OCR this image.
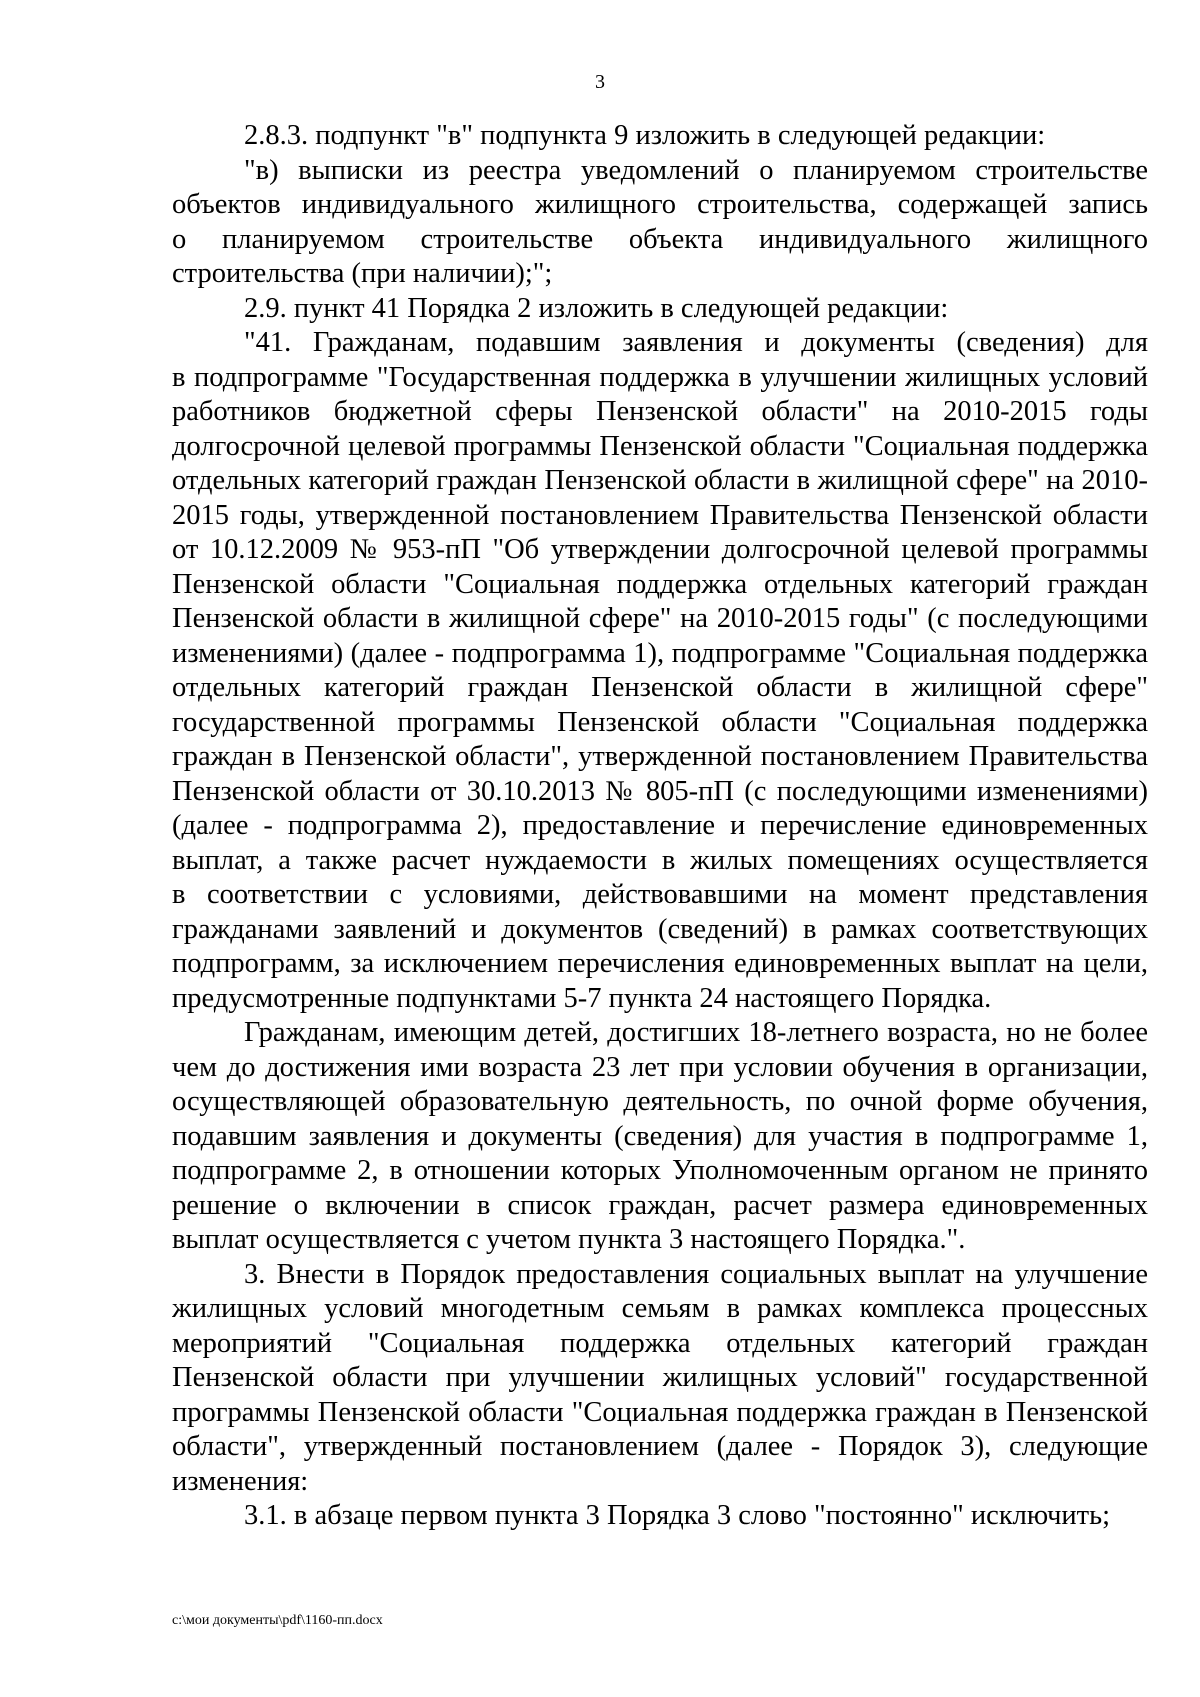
3
2.8.3. подпункт "в" подпункта 9 изложить в следующей редакции:
"в) выписки из реестра уведомлений о планируемом строительстве
объектов индивидуального жилищного строительства, содержащей запись
о планируемом строительстве объекта индивидуального жилищного
строительства (при наличии);";
2.9. пункт 41 Порядка 2 изложить в следующей редакции:
"41. Гражданам, подавшим заявления и документы (сведения) для
в подпрограмме "Государственная поддержка в улучшении жилищных условий
работников бюджетной сферы Пензенской области" на 2010-2015 годы
долгосрочной целевой программы Пензенской области "Социальная поддержка
отдельных категорий граждан Пензенской области в жилищной сфере" на 2010-
2015 годы, утвержденной постановлением Правительства Пензенской области
от 10.12.2009 № 953-пП "Об утверждении долгосрочной целевой программы
Пензенской области "Социальная поддержка отдельных категорий граждан
Пензенской области в жилищной сфере" на 2010-2015 годы" (с последующими
изменениями) (далее - подпрограмма 1), подпрограмме "Социальная поддержка
отдельных категорий граждан Пензенской области в жилищной сфере"
государственной программы Пензенской области "Социальная поддержка
граждан в Пензенской области", утвержденной постановлением Правительства
Пензенской области от 30.10.2013 № 805-пП (с последующими изменениями)
(далее - подпрограмма 2), предоставление и перечисление единовременных
выплат, а также расчет нуждаемости в жилых помещениях осуществляется
в соответствии с условиями, действовавшими на момент представления
гражданами заявлений и документов (сведений) в рамках соответствующих
подпрограмм, за исключением перечисления единовременных выплат на цели,
предусмотренные подпунктами 5-7 пункта 24 настоящего Порядка.
Гражданам, имеющим детей, достигших 18-летнего возраста, но не более
чем до достижения ими возраста 23 лет при условии обучения в организации,
осуществляющей образовательную деятельность, по очной форме обучения,
подавшим заявления и документы (сведения) для участия в подпрограмме 1,
подпрограмме 2, в отношении которых Уполномоченным органом не принято
решение о включении в список граждан, расчет размера единовременных
выплат осуществляется с учетом пункта 3 настоящего Порядка.".
3. Внести в Порядок предоставления социальных выплат на улучшение
жилищных условий многодетным семьям в рамках комплекса процессных
мероприятий "Социальная поддержка отдельных категорий граждан
Пензенской области при улучшении жилищных условий" государственной
программы Пензенской области "Социальная поддержка граждан в Пензенской
области", утвержденный постановлением (далее - Порядок 3), следующие
изменения:
3.1. в абзаце первом пункта 3 Порядка 3 слово "постоянно" исключить;
c:\мои документы\pdf\1160-пп.docx
